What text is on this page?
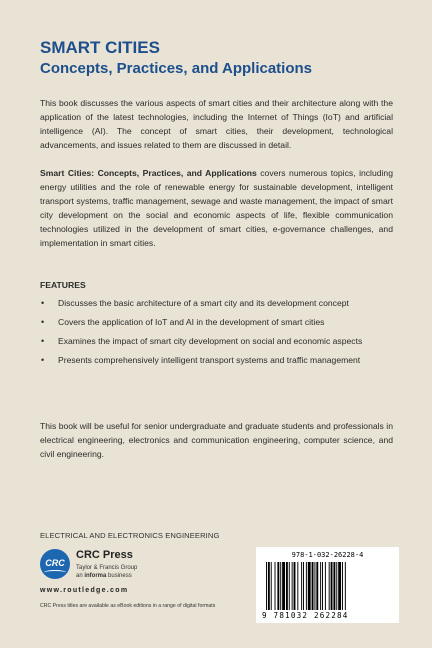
SMART CITIES
Concepts, Practices, and Applications
This book discusses the various aspects of smart cities and their architecture along with the application of the latest technologies, including the Internet of Things (IoT) and artificial intelligence (AI). The concept of smart cities, their development, technological advancements, and issues related to them are discussed in detail.
Smart Cities: Concepts, Practices, and Applications covers numerous topics, including energy utilities and the role of renewable energy for sustainable development, intelligent transport systems, traffic management, sewage and waste management, the impact of smart city development on the social and economic aspects of life, flexible communication technologies utilized in the development of smart cities, e-governance challenges, and implementation in smart cities.
FEATURES
• Discusses the basic architecture of a smart city and its development concept
• Covers the application of IoT and AI in the development of smart cities
• Examines the impact of smart city development on social and economic aspects
• Presents comprehensively intelligent transport systems and traffic management
This book will be useful for senior undergraduate and graduate students and professionals in electrical engineering, electronics and communication engineering, computer science, and civil engineering.
ELECTRICAL AND ELECTRONICS ENGINEERING
CRC
CRC Press
Taylor & Francis Group
an informa business
www.routledge.com
CRC Press titles are available as eBook editions in a range of digital formats
978-1-032-26228-4
9 781032 262284
